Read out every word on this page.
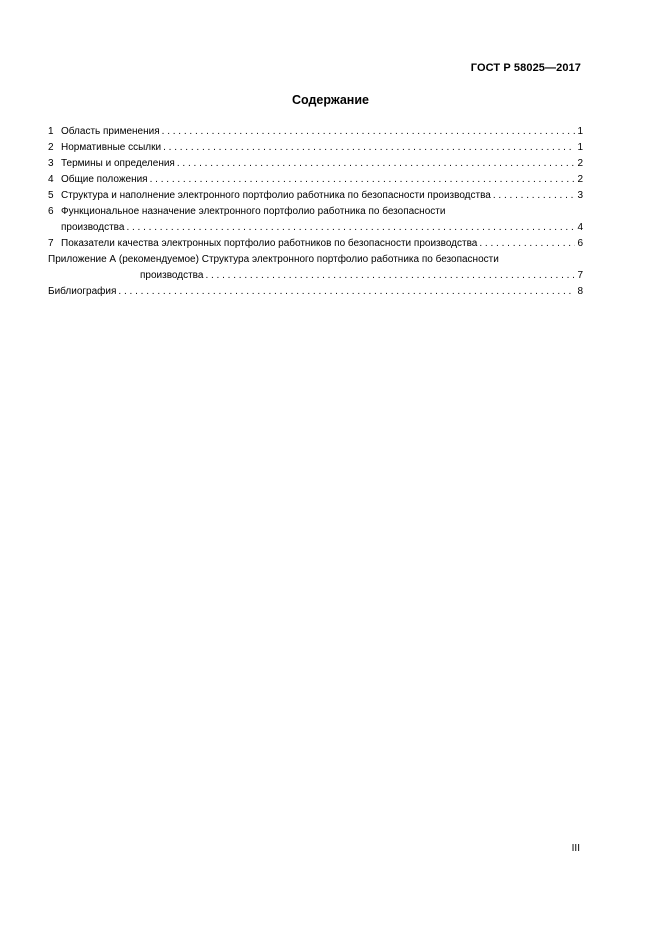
ГОСТ Р 58025—2017
Содержание
1 Область применения . . .	1
2 Нормативные ссылки . . .	1
3 Термины и определения . . .	2
4 Общие положения . . .	2
5 Структура и наполнение электронного портфолио работника по безопасности производства . . .	3
6 Функциональное назначение электронного портфолио работника по безопасности
производства . . .	4
7 Показатели качества электронных портфолио работников по безопасности производства . . .	6
Приложение А (рекомендуемое) Структура электронного портфолио работника по безопасности
производства . . .	7
Библиография . . .	8
III
